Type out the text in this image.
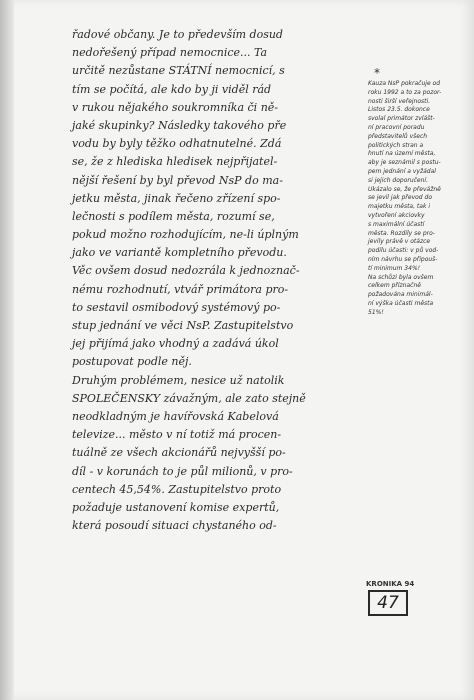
řadové občany. Je to především dosud
nedořešený případ nemocnice... Ta
určitě nezůstane STÁTNÍ nemocnicí, s
tím se počítá, ale kdo by ji viděl rád
v rukou nějakého soukromníka či ně-
jaké skupinky? Následky takového pře
vodu by byly těžko odhatnutelné. Zdá
se, že z hlediska hledisek nejpřijatel-
nější řešení by byl převod NsP do ma-
jetku města, jinak řečeno zřízení spo-
lečnosti s podílem města, rozumí se,
pokud možno rozhodujícím, ne-li úplným
jako ve variantě kompletního převodu.
Věc ovšem dosud nedozrála k jednoznač-
nému rozhodnutí, vtvář primátora pro-
to sestavil osmibodový systémový po-
stup jednání ve věci NsP. Zastupitelstvo
jej přijímá jako vhodný a zadává úkol
postupovat podle něj.
Druhým problémem, nesice už natolik
SPOLEČENSKY závažným, ale zato stejně
neodkladným je havířovská Kabelová
televize... město v ní totiž má procen-
tuálně ze všech akcionářů nejvyšší po-
díl - v korunách to je půl milionů, v pro-
centech 45,54%. Zastupitelstvo proto
požaduje ustanovení komise expertů,
která posoudí situaci chystaného od-
*
Kauza NsP pokračuje od
roku 1992 a to za pozor-
nosti širší veřejnosti.
Listos 23.5. dokonce
svolal primátor zvlášt-
ní pracovní poradu
představitelů všech
politických stran a
hnutí na území města,
aby je seznámil s postu-
pem jednání a vyžádal
si jejich doporučení.
Ukázalo se, že převážně
se jevil jak převod do
majetku města, tak i
vytvoření akciovky
s maximální účastí
města. Rozdíly se pro-
jevily právě v otázce
podílu účasti: v pů vod-
ním návrhu se připouš-
tí minimum 34%!
Na schůzi byla ovšem
celkem příznačně
požadována minimál-
ní výška účasti města
51%!
KRONIKA 94
47
